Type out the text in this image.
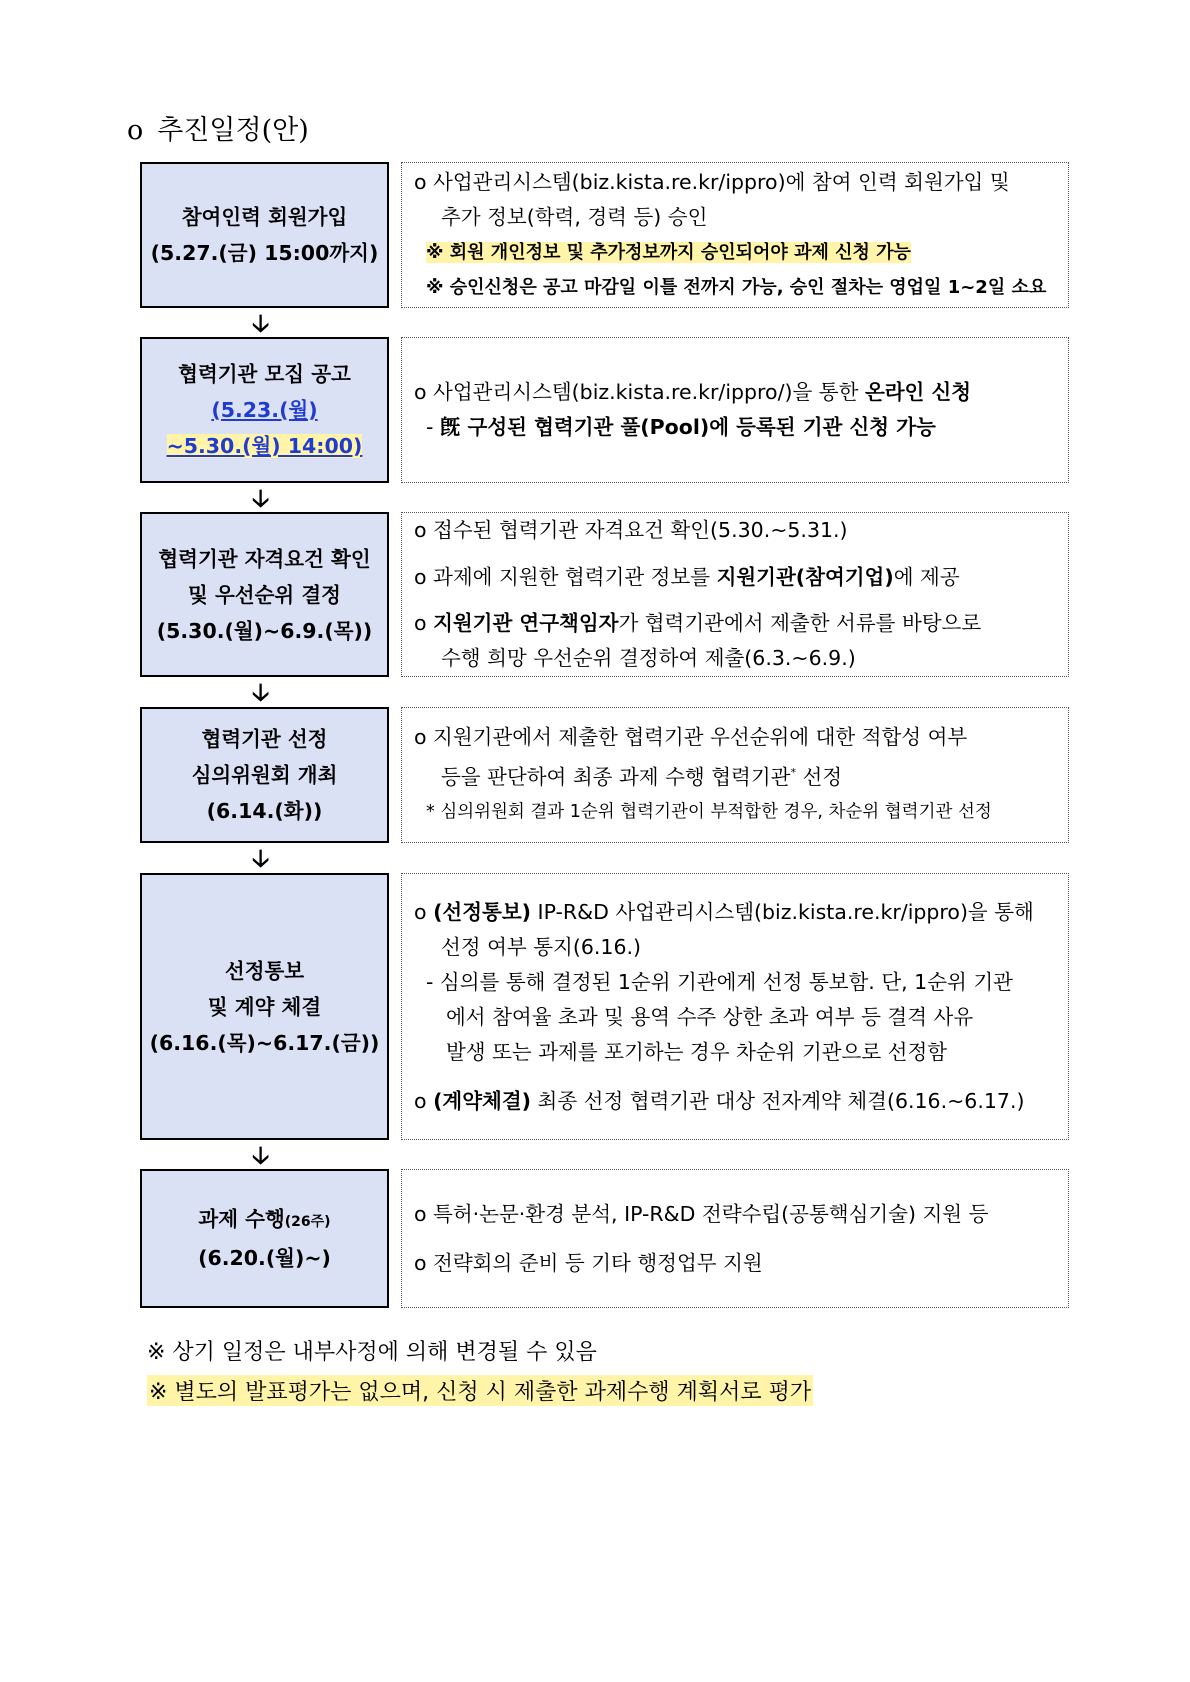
o 추진일정(안)
참여인력 회원가입
(5.27.(금) 15:00까지)
o 사업관리시스템(biz.kista.re.kr/ippro)에 참여 인력 회원가입 및
추가 정보(학력, 경력 등) 승인
※ 회원 개인정보 및 추가정보까지 승인되어야 과제 신청 가능
※ 승인신청은 공고 마감일 이틀 전까지 가능, 승인 절차는 영업일 1~2일 소요
🡣
협력기관 모집 공고
(5.23.(월)
~5.30.(월) 14:00)
o 사업관리시스템(biz.kista.re.kr/ippro/)을 통한 온라인 신청
- 旣 구성된 협력기관 풀(Pool)에 등록된 기관 신청 가능
🡣
협력기관 자격요건 확인
및 우선순위 결정
(5.30.(월)~6.9.(목))
o 접수된 협력기관 자격요건 확인(5.30.~5.31.)
o 과제에 지원한 협력기관 정보를 지원기관(참여기업)에 제공
o 지원기관 연구책임자가 협력기관에서 제출한 서류를 바탕으로
수행 희망 우선순위 결정하여 제출(6.3.~6.9.)
🡣
협력기관 선정
심의위원회 개최
(6.14.(화))
o 지원기관에서 제출한 협력기관 우선순위에 대한 적합성 여부
등을 판단하여 최종 과제 수행 협력기관* 선정
* 심의위원회 결과 1순위 협력기관이 부적합한 경우, 차순위 협력기관 선정
🡣
선정통보
및 계약 체결
(6.16.(목)~6.17.(금))
o (선정통보) IP-R&D 사업관리시스템(biz.kista.re.kr/ippro)을 통해
선정 여부 통지(6.16.)
- 심의를 통해 결정된 1순위 기관에게 선정 통보함. 단, 1순위 기관
에서 참여율 초과 및 용역 수주 상한 초과 여부 등 결격 사유
발생 또는 과제를 포기하는 경우 차순위 기관으로 선정함
o (계약체결) 최종 선정 협력기관 대상 전자계약 체결(6.16.~6.17.)
🡣
과제 수행(26주)
(6.20.(월)~)
o 특허·논문·환경 분석, IP-R&D 전략수립(공통핵심기술) 지원 등
o 전략회의 준비 등 기타 행정업무 지원
※ 상기 일정은 내부사정에 의해 변경될 수 있음
※ 별도의 발표평가는 없으며, 신청 시 제출한 과제수행 계획서로 평가
